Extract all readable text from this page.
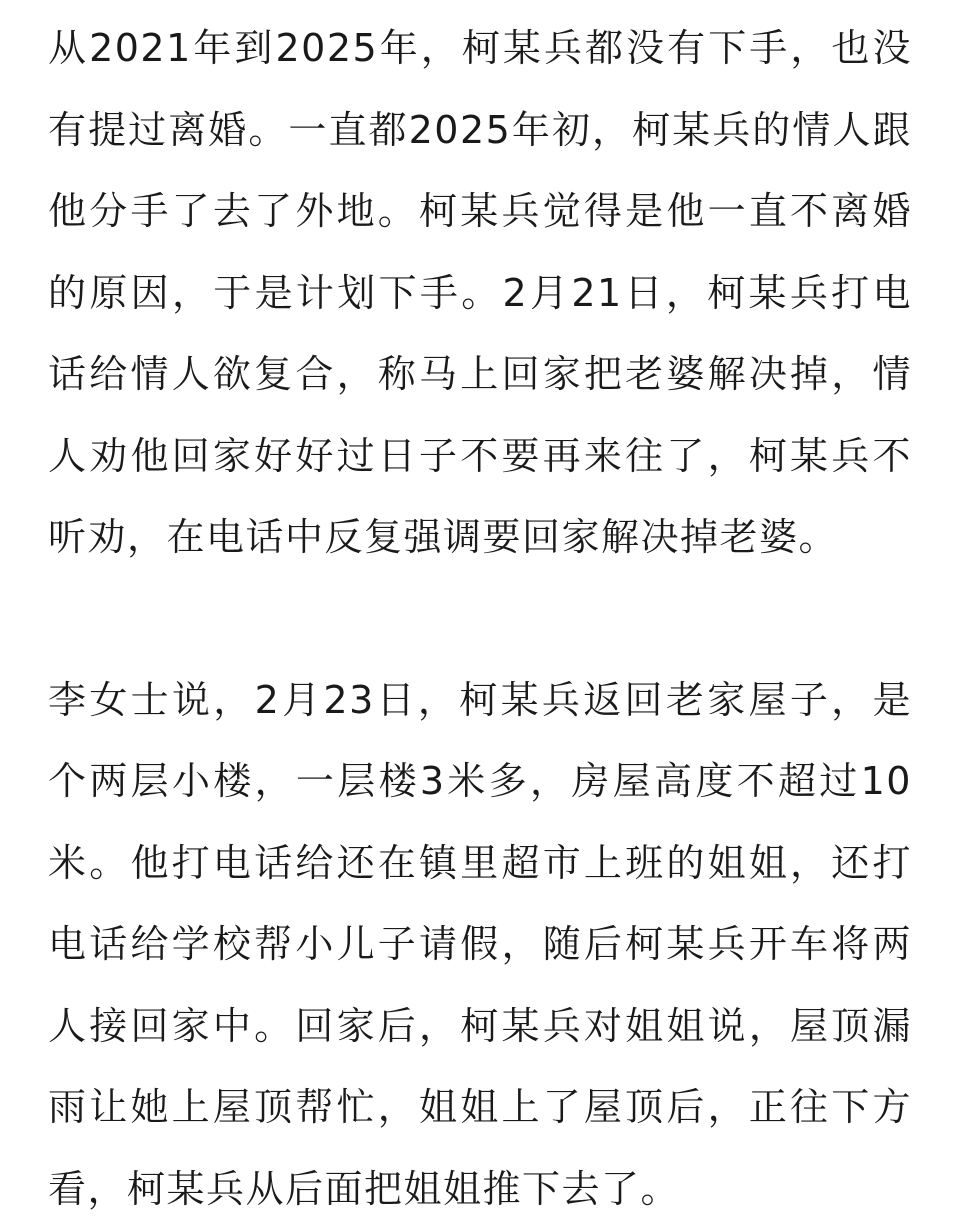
从2021年到2025年，柯某兵都没有下手，也没有提过离婚。一直都2025年初，柯某兵的情人跟他分手了去了外地。柯某兵觉得是他一直不离婚的原因，于是计划下手。2月21日，柯某兵打电话给情人欲复合，称马上回家把老婆解决掉，情人劝他回家好好过日子不要再来往了，柯某兵不听劝，在电话中反复强调要回家解决掉老婆。

李女士说，2月23日，柯某兵返回老家屋子，是个两层小楼，一层楼3米多，房屋高度不超过10米。他打电话给还在镇里超市上班的姐姐，还打电话给学校帮小儿子请假，随后柯某兵开车将两人接回家中。回家后，柯某兵对姐姐说，屋顶漏雨让她上屋顶帮忙，姐姐上了屋顶后，正往下方看，柯某兵从后面把姐姐推下去了。
